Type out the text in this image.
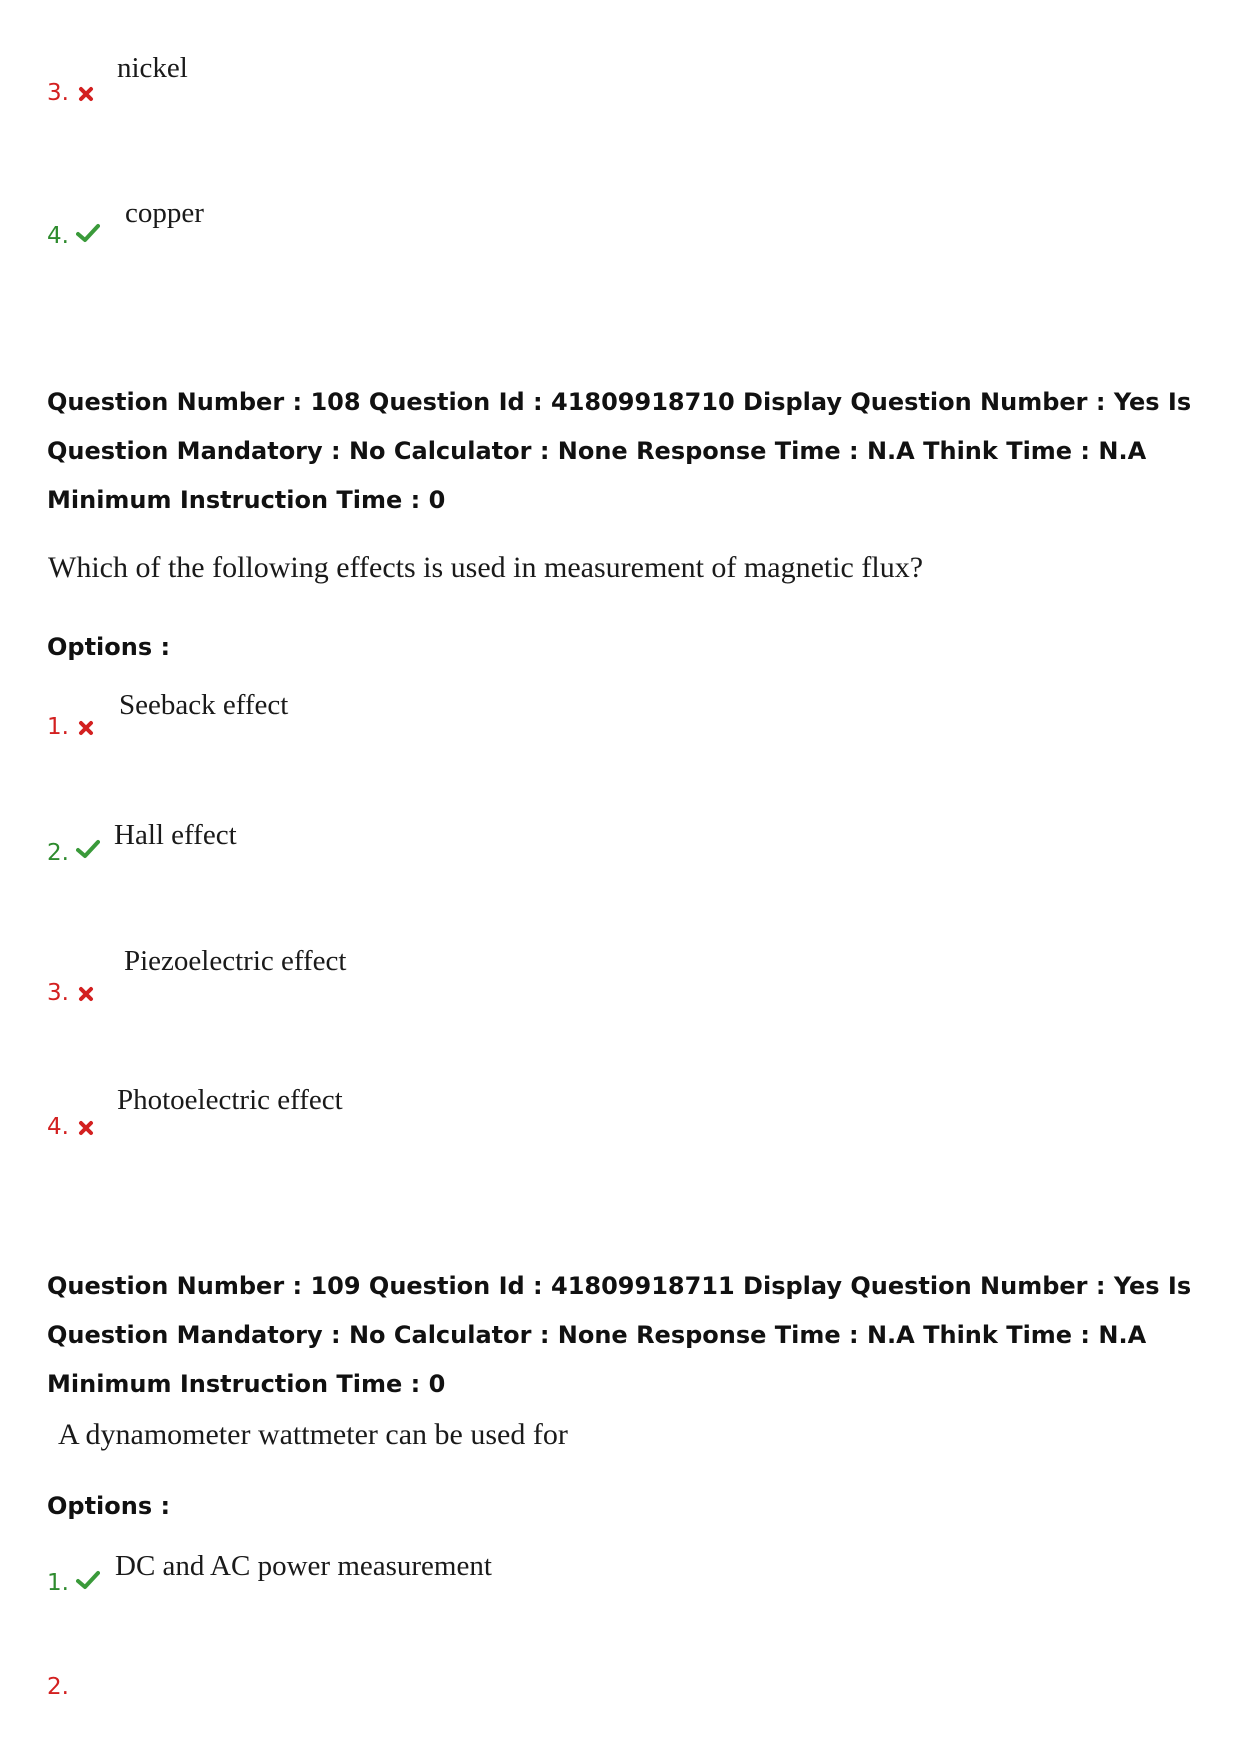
3.
nickel
4.
copper
Question Number : 108 Question Id : 41809918710 Display Question Number : Yes Is Question Mandatory : No Calculator : None Response Time : N.A Think Time : N.A Minimum Instruction Time : 0
Which of the following effects is used in measurement of magnetic flux?
Options :
1.
Seeback effect
2.
Hall effect
3.
Piezoelectric effect
4.
Photoelectric effect
Question Number : 109 Question Id : 41809918711 Display Question Number : Yes Is Question Mandatory : No Calculator : None Response Time : N.A Think Time : N.A Minimum Instruction Time : 0
A dynamometer wattmeter can be used for
Options :
1.
DC and AC power measurement
2.
